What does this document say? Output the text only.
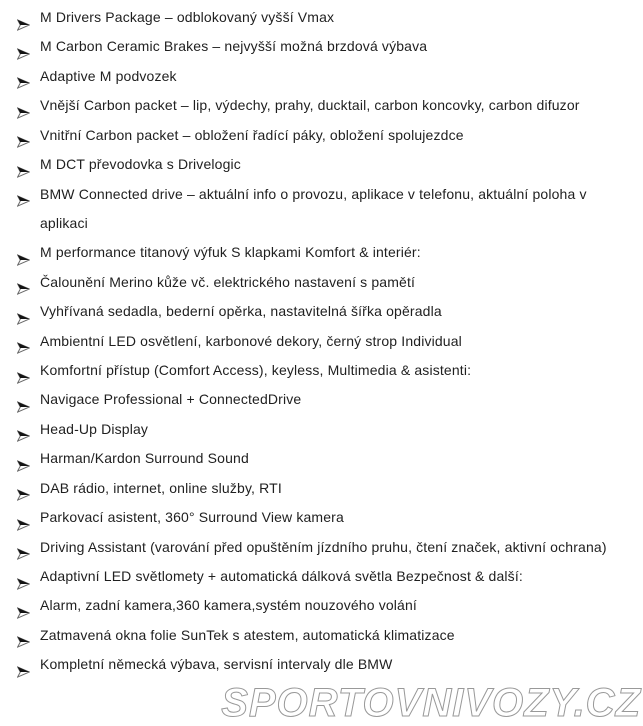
M Drivers Package – odblokovaný vyšší Vmax
M Carbon Ceramic Brakes – nejvyšší možná brzdová výbava
Adaptive M podvozek
Vnější Carbon packet – lip, výdechy, prahy, ducktail, carbon koncovky, carbon difuzor
Vnitřní Carbon packet – obložení řadící páky, obložení spolujezdce
M DCT převodovka s Drivelogic
BMW Connected drive – aktuální info o provozu, aplikace v telefonu, aktuální poloha v aplikaci
M performance titanový výfuk S klapkami Komfort & interiér:
Čalounění Merino kůže vč. elektrického nastavení s pamětí
Vyhřívaná sedadla, bederní opěrka, nastavitelná šířka opěradla
Ambientní LED osvětlení, karbonové dekory, černý strop Individual
Komfortní přístup (Comfort Access), keyless, Multimedia & asistenti:
Navigace Professional + ConnectedDrive
Head-Up Display
Harman/Kardon Surround Sound
DAB rádio, internet, online služby, RTI
Parkovací asistent, 360° Surround View kamera
Driving Assistant (varování před opuštěním jízdního pruhu, čtení značek, aktivní ochrana)
Adaptivní LED světlomety + automatická dálková světla Bezpečnost & další:
Alarm, zadní kamera,360 kamera,systém nouzového volání
Zatmavená okna folie SunTek s atestem, automatická klimatizace
Kompletní německá výbava, servisní intervaly dle BMW
SPORTOVNIVOZY.CZ
